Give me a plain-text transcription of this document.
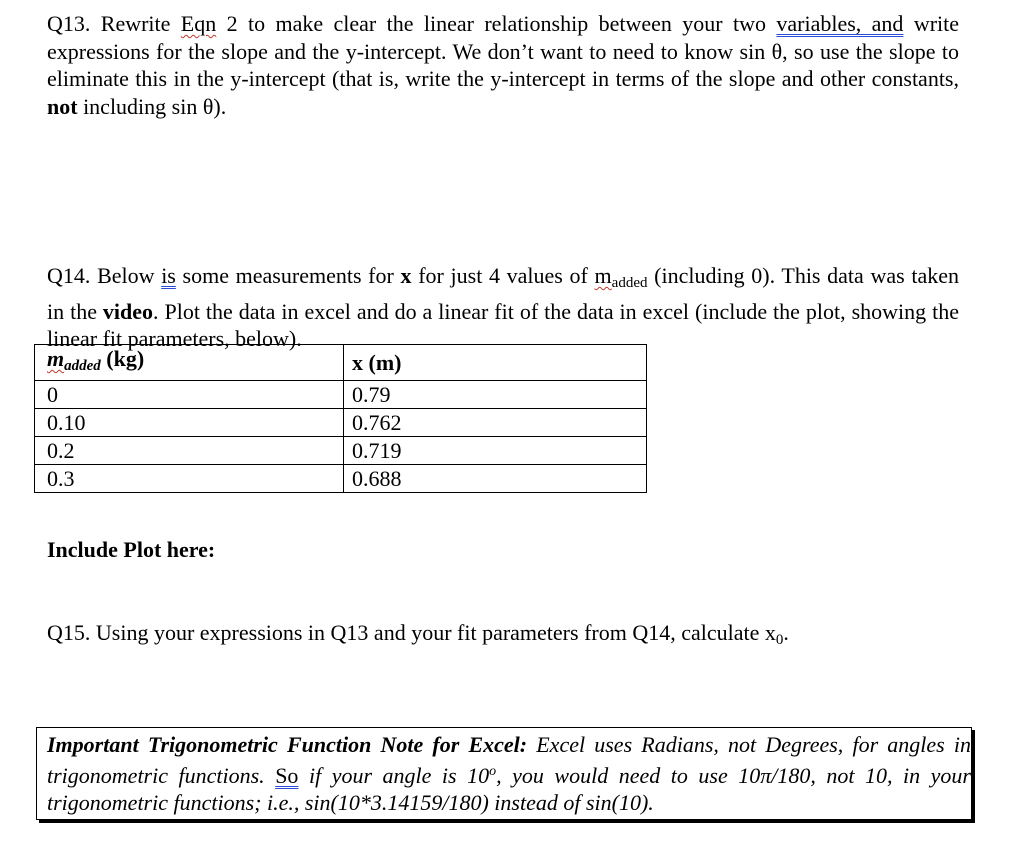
Q13. Rewrite Eqn 2 to make clear the linear relationship between your two variables, and write expressions for the slope and the y-intercept. We don’t want to need to know sin θ, so use the slope to eliminate this in the y-intercept (that is, write the y-intercept in terms of the slope and other constants, not including sin θ).
Q14. Below is some measurements for x for just 4 values of $m_{added}$ (including 0). This data was taken in the video. Plot the data in excel and do a linear fit of the data in excel (include the plot, showing the linear fit parameters, below).
$m_{added}$ (kg)	x (m)
0	0.79
0.10	0.762
0.2	0.719
0.3	0.688
Include Plot here:
Q15. Using your expressions in Q13 and your fit parameters from Q14, calculate $x_0$.
Important Trigonometric Function Note for Excel: Excel uses Radians, not Degrees, for angles in trigonometric functions. So if your angle is 10$^o$, you would need to use 10π/180, not 10, in your trigonometric functions; i.e., sin(10*3.14159/180) instead of sin(10).
